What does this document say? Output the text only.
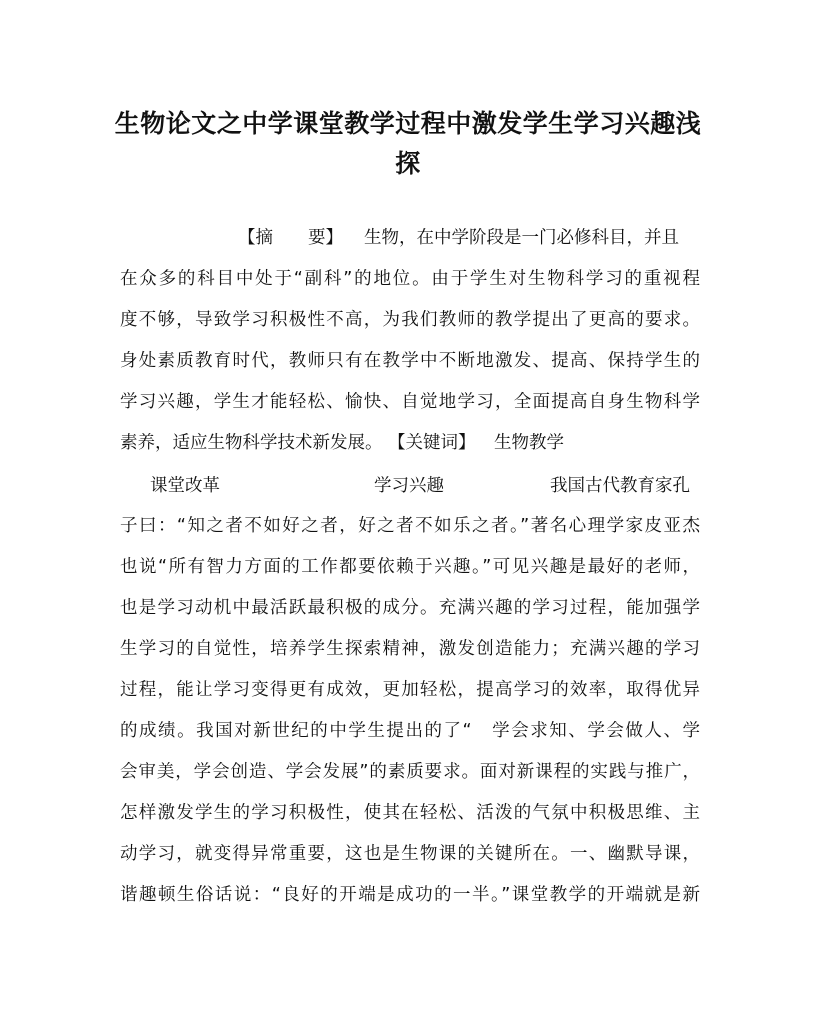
生物论文之中学课堂教学过程中激发学生学习兴趣浅
探
【摘　　要】 生物，在中学阶段是一门必修科目，并且
在众多的科目中处于“副科”的地位。由于学生对生物科学习的重视程
度不够，导致学习积极性不高，为我们教师的教学提出了更高的要求。
身处素质教育时代，教师只有在教学中不断地激发、提高、保持学生的
学习兴趣，学生才能轻松、愉快、自觉地学习，全面提高自身生物科学
素养，适应生物科学技术新发展。 【关键词】 生物教学
课堂改革	学习兴趣	我国古代教育家孔
子曰：“知之者不如好之者，好之者不如乐之者。”著名心理学家皮亚杰
也说“所有智力方面的工作都要依赖于兴趣。”可见兴趣是最好的老师，
也是学习动机中最活跃最积极的成分。充满兴趣的学习过程，能加强学
生学习的自觉性，培养学生探索精神，激发创造能力；充满兴趣的学习
过程，能让学习变得更有成效，更加轻松，提高学习的效率，取得优异
的成绩。我国对新世纪的中学生提出的了“　学会求知、学会做人、学
会审美，学会创造、学会发展”的素质要求。面对新课程的实践与推广，
怎样激发学生的学习积极性，使其在轻松、活泼的气氛中积极思维、主
动学习，就变得异常重要，这也是生物课的关键所在。一、幽默导课，
谐趣顿生俗话说：“良好的开端是成功的一半。”课堂教学的开端就是新
